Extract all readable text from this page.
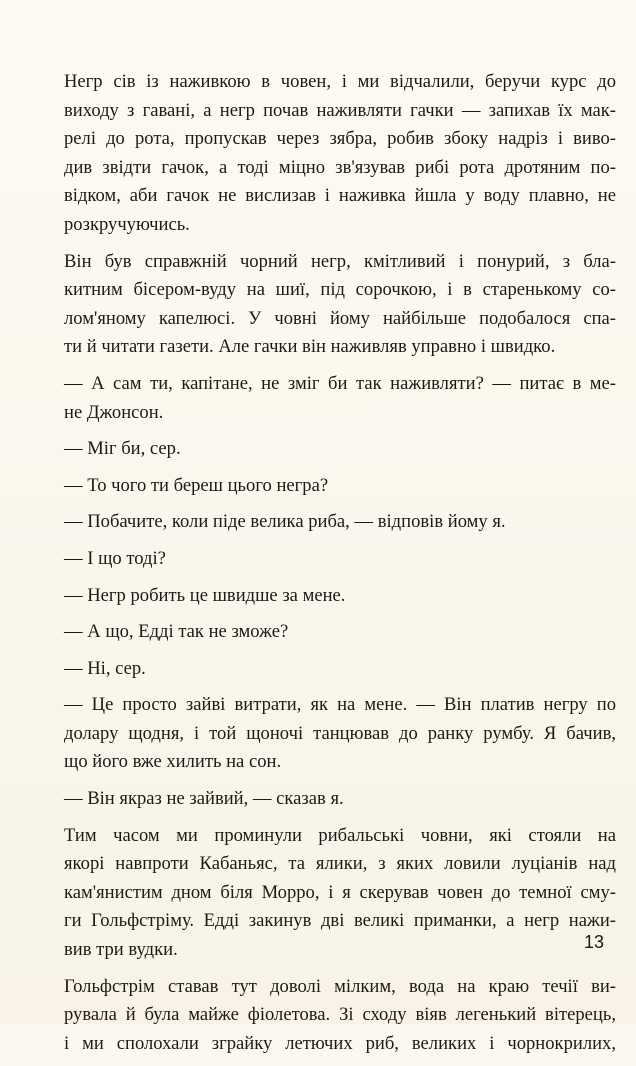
Негр сів із наживкою в човен, і ми відчалили, беручи курс до
виходу з гавані, а негр почав наживляти гачки — запихав їх мак-
релі до рота, пропускав через зябра, робив збоку надріз і виво-
див звідти гачок, а тоді міцно зв'язував рибі рота дротяним по-
відком, аби гачок не вислизав і наживка йшла у воду плавно, не
розкручуючись.

Він був справжній чорний негр, кмітливий і понурий, з бла-
китним бісером-вуду на шиї, під сорочкою, і в старенькому со-
лом'яному капелюсі. У човні йому найбільше подобалося спа-
ти й читати газети. Але гачки він наживляв управно і швидко.

— А сам ти, капітане, не зміг би так наживляти? — питає в ме-
не Джонсон.

— Міг би, сер.

— То чого ти береш цього негра?

— Побачите, коли піде велика риба, — відповів йому я.

— І що тоді?

— Негр робить це швидше за мене.

— А що, Едді так не зможе?

— Ні, сер.

— Це просто зайві витрати, як на мене. — Він платив негру по
долару щодня, і той щоночі танцював до ранку румбу. Я бачив,
що його вже хилить на сон.

— Він якраз не зайвий, — сказав я.

Тим часом ми проминули рибальські човни, які стояли на
якорі навпроти Кабаньяс, та ялики, з яких ловили луціанів над
кам'янистим дном біля Морро, і я скерував човен до темної сму-
ги Гольфстріму. Едді закинув дві великі приманки, а негр нажи-
вив три вудки.

Гольфстрім ставав тут доволі мілким, вода на краю течії ви-
рувала й була майже фіолетова. Зі сходу віяв легенький вітерець,
і ми сполохали зграйку летючих риб, великих і чорнокрилих,

13
